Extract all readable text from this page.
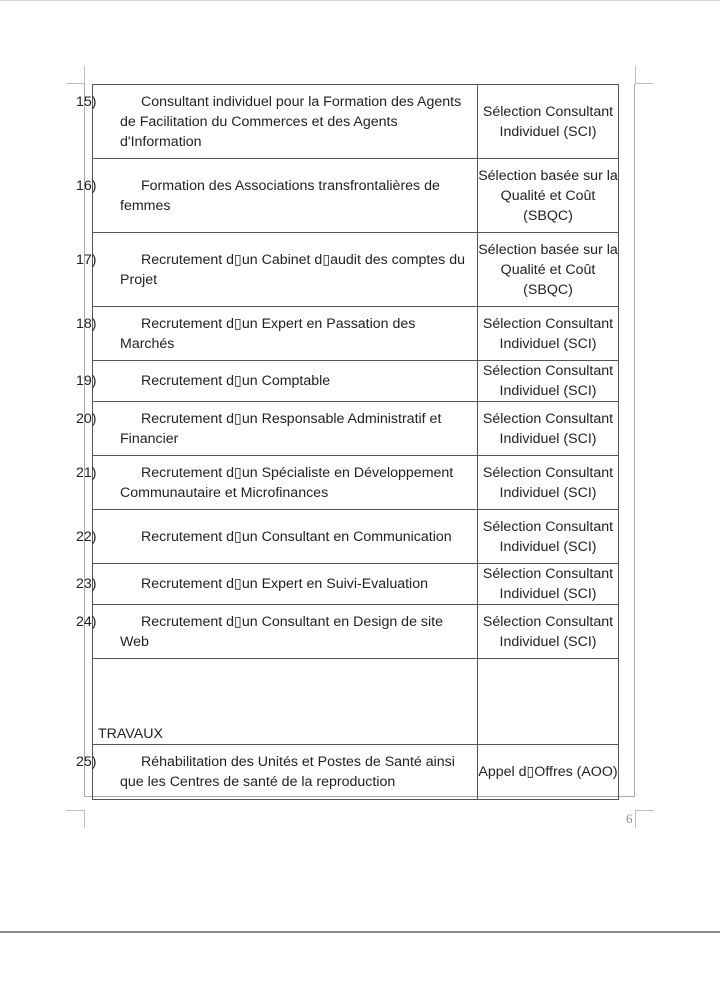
15) Consultant individuel pour la Formation des Agents de Facilitation du Commerces et des Agents d'Information	Sélection Consultant Individuel (SCI)

16) Formation des Associations transfrontalières de femmes	Sélection basée sur la Qualité et Coût (SBQC)

17) Recrutement d▯un Cabinet d▯audit des comptes du Projet	Sélection basée sur la Qualité et Coût (SBQC)

18) Recrutement d▯un Expert en Passation des Marchés	Sélection Consultant Individuel (SCI)

19) Recrutement d▯un Comptable	Sélection Consultant Individuel (SCI)

20) Recrutement d▯un Responsable Administratif et Financier	Sélection Consultant Individuel (SCI)

21) Recrutement d▯un Spécialiste en Développement Communautaire et Microfinances	Sélection Consultant Individuel (SCI)

22) Recrutement d▯un Consultant en Communication	Sélection Consultant Individuel (SCI)

23) Recrutement d▯un Expert en Suivi-Evaluation	Sélection Consultant Individuel (SCI)

24) Recrutement d▯un Consultant en Design de site Web	Sélection Consultant Individuel (SCI)
TRAVAUX	

25) Réhabilitation des Unités et Postes de Santé ainsi que les Centres de santé de la reproduction	Appel d▯Offres (AOO)
6
